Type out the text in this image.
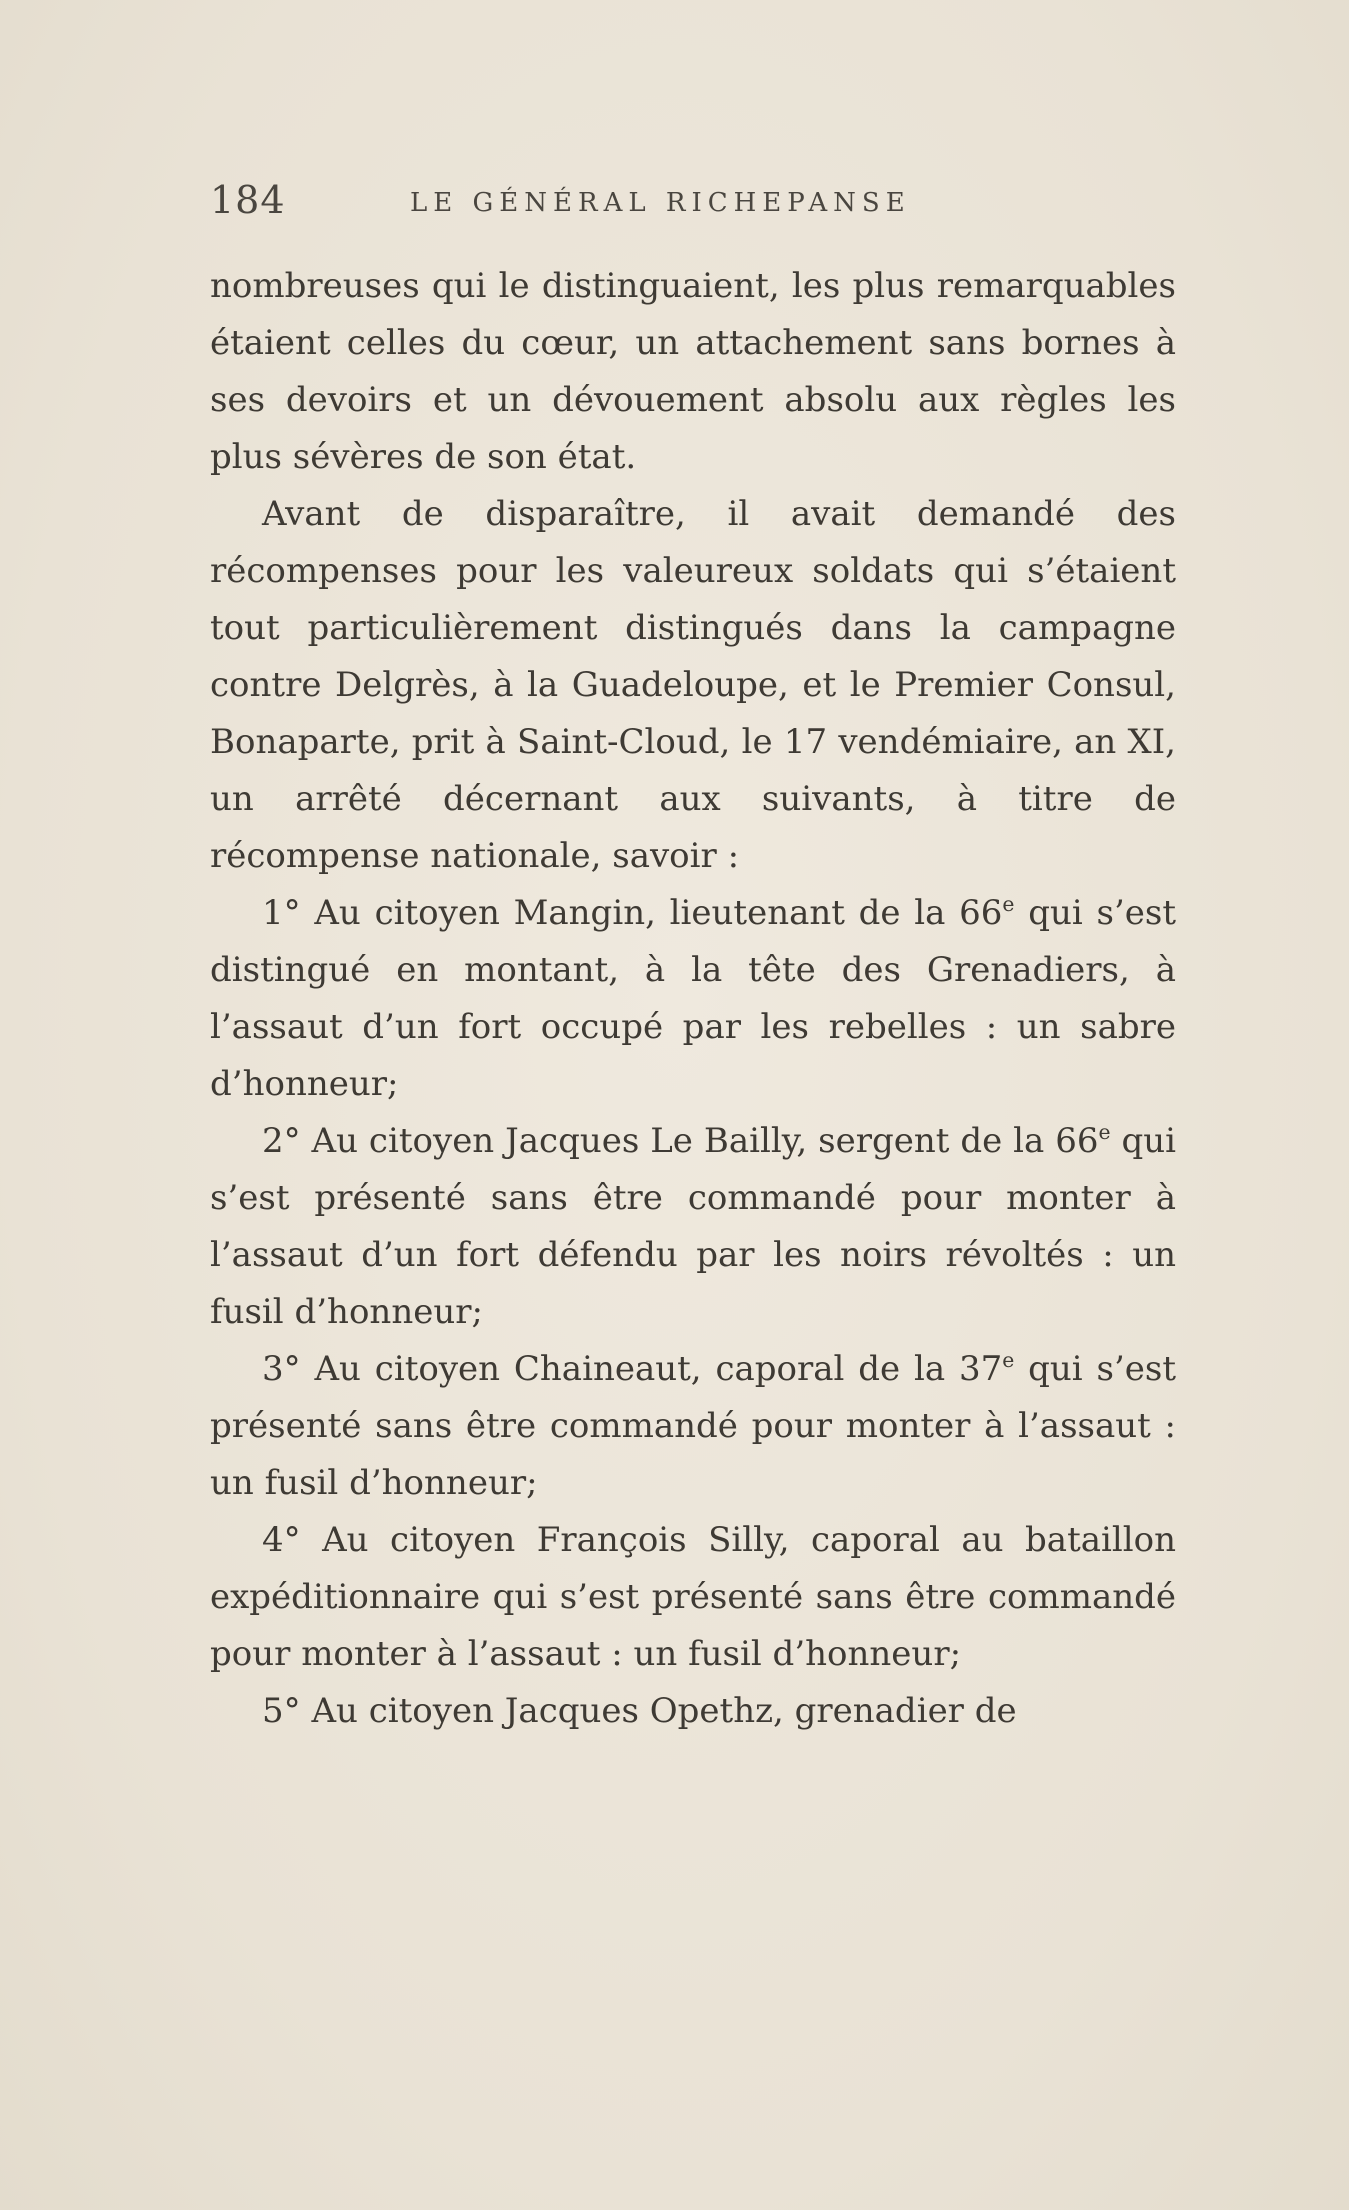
184	LE GÉNÉRAL RICHEPANSE

nombreuses qui le distinguaient, les plus remarquables étaient celles du cœur, un attachement sans bornes à ses devoirs et un dévouement absolu aux règles les plus sévères de son état.

Avant de disparaître, il avait demandé des récompenses pour les valeureux soldats qui s’étaient tout particulièrement distingués dans la campagne contre Delgrès, à la Guadeloupe, et le Premier Consul, Bonaparte, prit à Saint-Cloud, le 17 vendémiaire, an XI, un arrêté décernant aux suivants, à titre de récompense nationale, savoir :

1° Au citoyen Mangin, lieutenant de la 66e qui s’est distingué en montant, à la tête des Grenadiers, à l’assaut d’un fort occupé par les rebelles : un sabre d’honneur;

2° Au citoyen Jacques Le Bailly, sergent de la 66e qui s’est présenté sans être commandé pour monter à l’assaut d’un fort défendu par les noirs révoltés : un fusil d’honneur;

3° Au citoyen Chaineaut, caporal de la 37e qui s’est présenté sans être commandé pour monter à l’assaut : un fusil d’honneur;

4° Au citoyen François Silly, caporal au bataillon expéditionnaire qui s’est présenté sans être commandé pour monter à l’assaut : un fusil d’honneur;

5° Au citoyen Jacques Opethz, grenadier de
